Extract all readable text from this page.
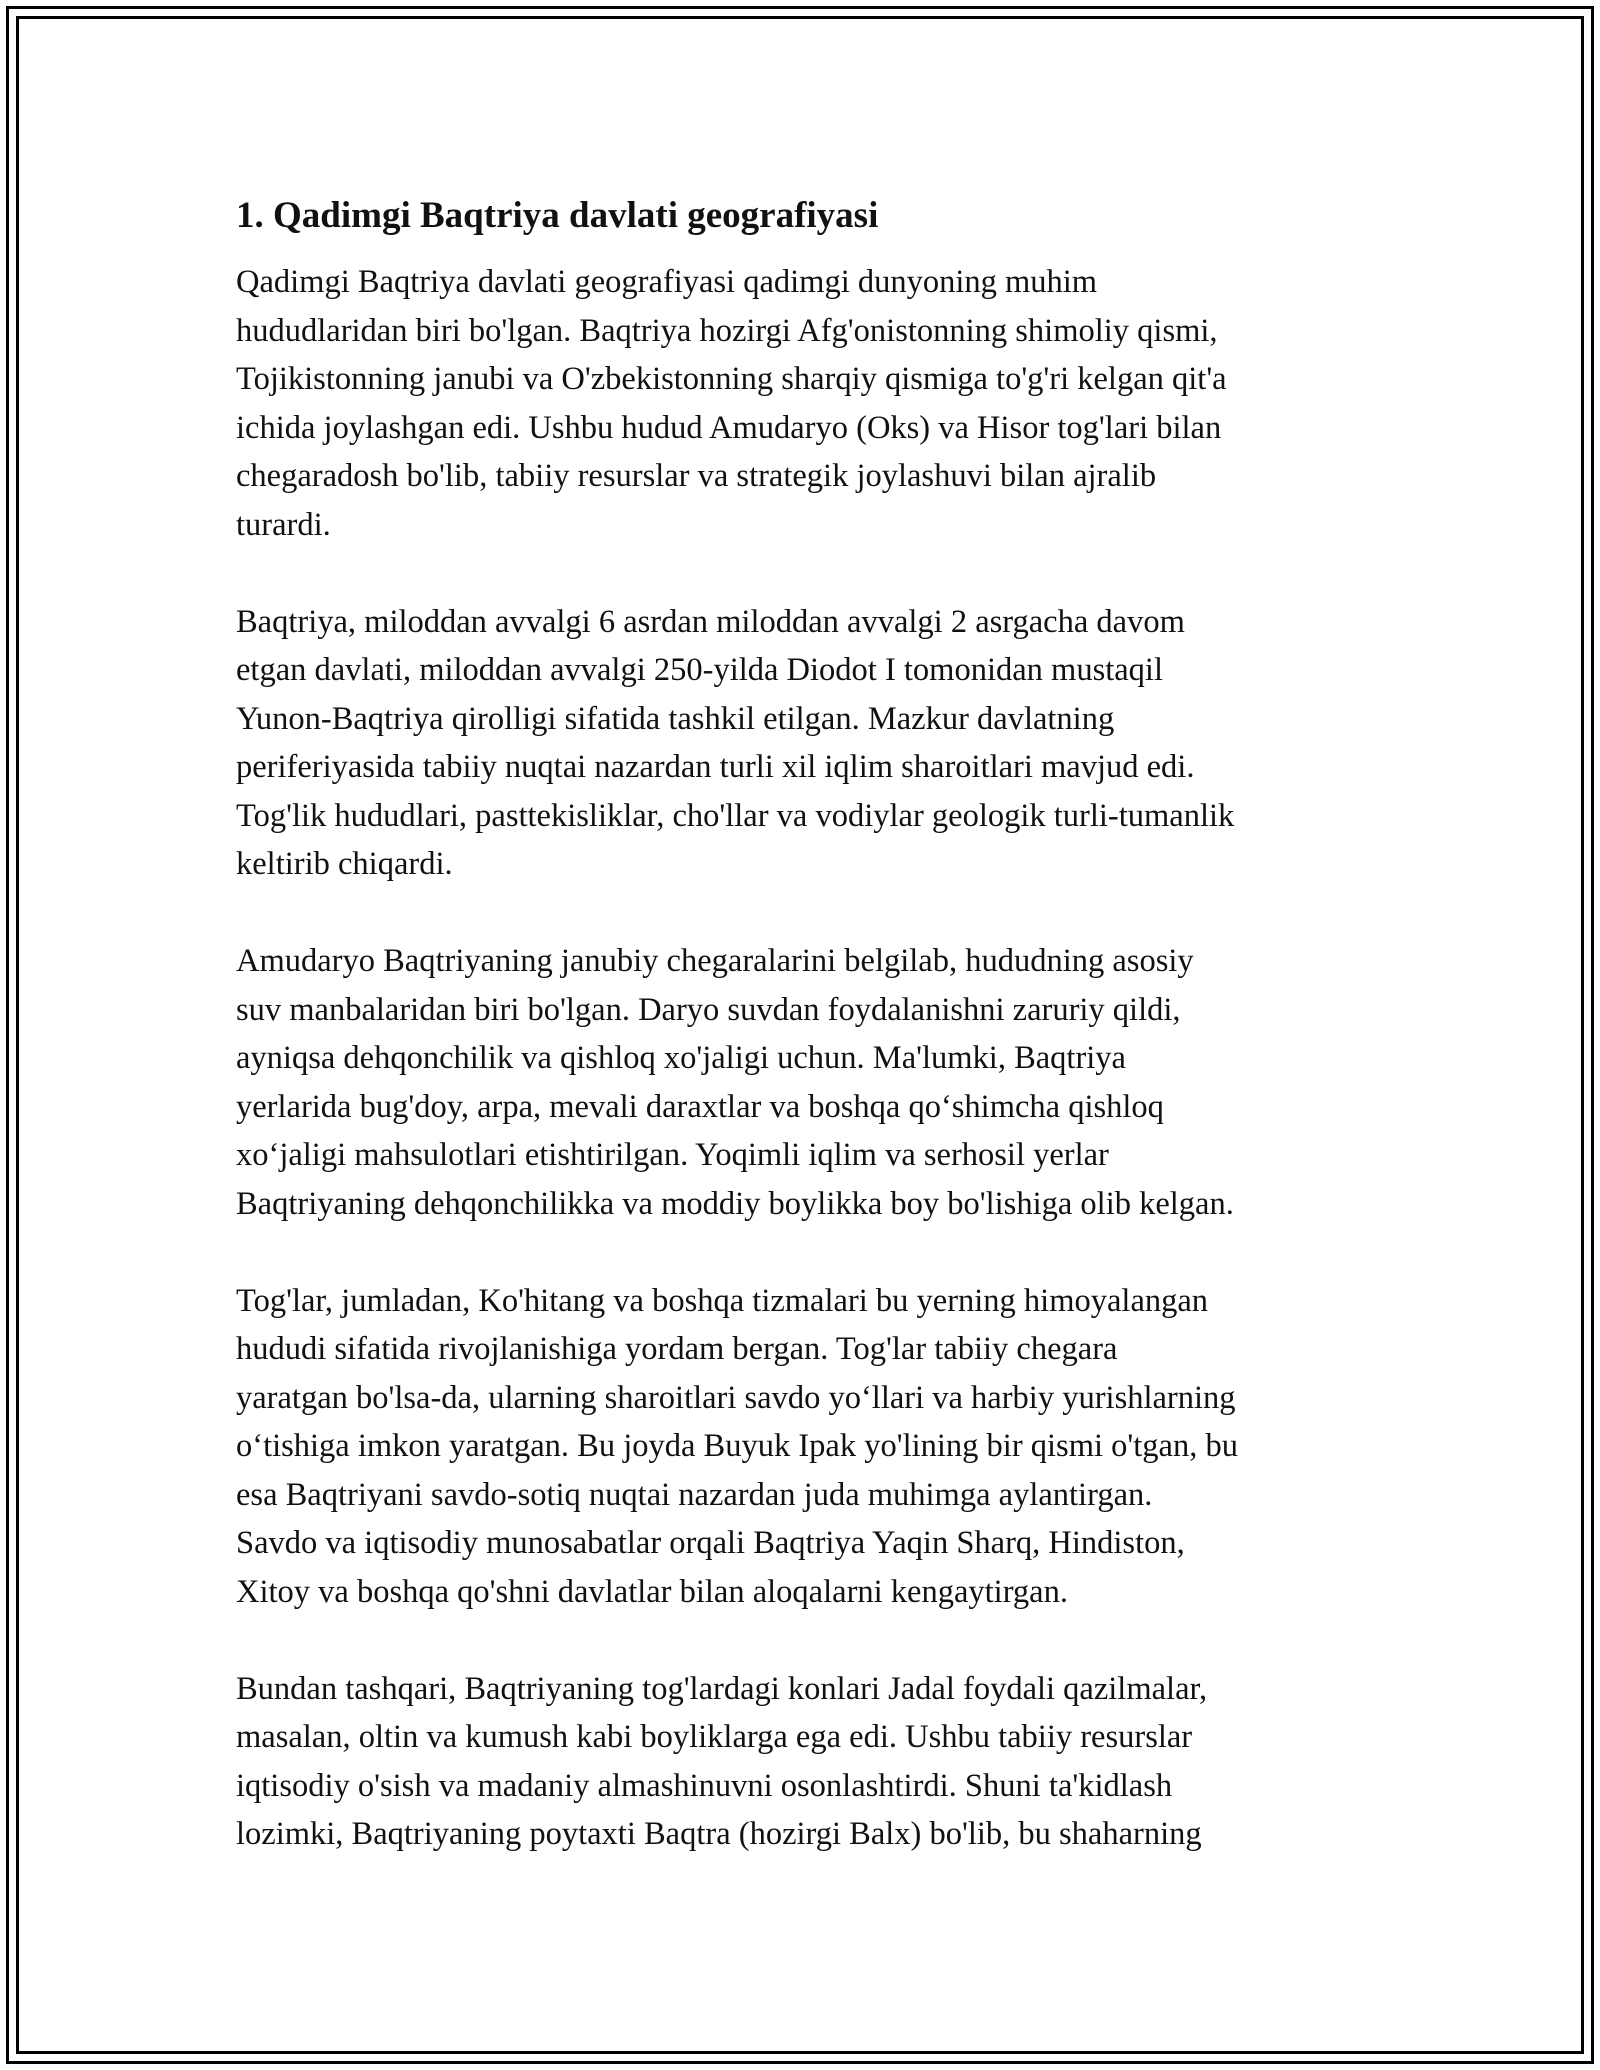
1. Qadimgi Baqtriya davlati geografiyasi

Qadimgi Baqtriya davlati geografiyasi qadimgi dunyoning muhim
hududlaridan biri bo'lgan. Baqtriya hozirgi Afg'onistonning shimoliy qismi,
Tojikistonning janubi va O'zbekistonning sharqiy qismiga to'g'ri kelgan qit'a
ichida joylashgan edi. Ushbu hudud Amudaryo (Oks) va Hisor tog'lari bilan
chegaradosh bo'lib, tabiiy resurslar va strategik joylashuvi bilan ajralib
turardi.

Baqtriya, miloddan avvalgi 6 asrdan miloddan avvalgi 2 asrgacha davom
etgan davlati, miloddan avvalgi 250-yilda Diodot I tomonidan mustaqil
Yunon-Baqtriya qirolligi sifatida tashkil etilgan. Mazkur davlatning
periferiyasida tabiiy nuqtai nazardan turli xil iqlim sharoitlari mavjud edi.
Tog'lik hududlari, pasttekisliklar, cho'llar va vodiylar geologik turli-tumanlik
keltirib chiqardi.

Amudaryo Baqtriyaning janubiy chegaralarini belgilab, hududning asosiy
suv manbalaridan biri bo'lgan. Daryo suvdan foydalanishni zaruriy qildi,
ayniqsa dehqonchilik va qishloq xo'jaligi uchun. Ma'lumki, Baqtriya
yerlarida bug'doy, arpa, mevali daraxtlar va boshqa qo‘shimcha qishloq
xo‘jaligi mahsulotlari etishtirilgan. Yoqimli iqlim va serhosil yerlar
Baqtriyaning dehqonchilikka va moddiy boylikka boy bo'lishiga olib kelgan.

Tog'lar, jumladan, Ko'hitang va boshqa tizmalari bu yerning himoyalangan
hududi sifatida rivojlanishiga yordam bergan. Tog'lar tabiiy chegara
yaratgan bo'lsa-da, ularning sharoitlari savdo yo‘llari va harbiy yurishlarning
o‘tishiga imkon yaratgan. Bu joyda Buyuk Ipak yo'lining bir qismi o'tgan, bu
esa Baqtriyani savdo-sotiq nuqtai nazardan juda muhimga aylantirgan.
Savdo va iqtisodiy munosabatlar orqali Baqtriya Yaqin Sharq, Hindiston,
Xitoy va boshqa qo'shni davlatlar bilan aloqalarni kengaytirgan.

Bundan tashqari, Baqtriyaning tog'lardagi konlari Jadal foydali qazilmalar,
masalan, oltin va kumush kabi boyliklarga ega edi. Ushbu tabiiy resurslar
iqtisodiy o'sish va madaniy almashinuvni osonlashtirdi. Shuni ta'kidlash
lozimki, Baqtriyaning poytaxti Baqtra (hozirgi Balx) bo'lib, bu shaharning
